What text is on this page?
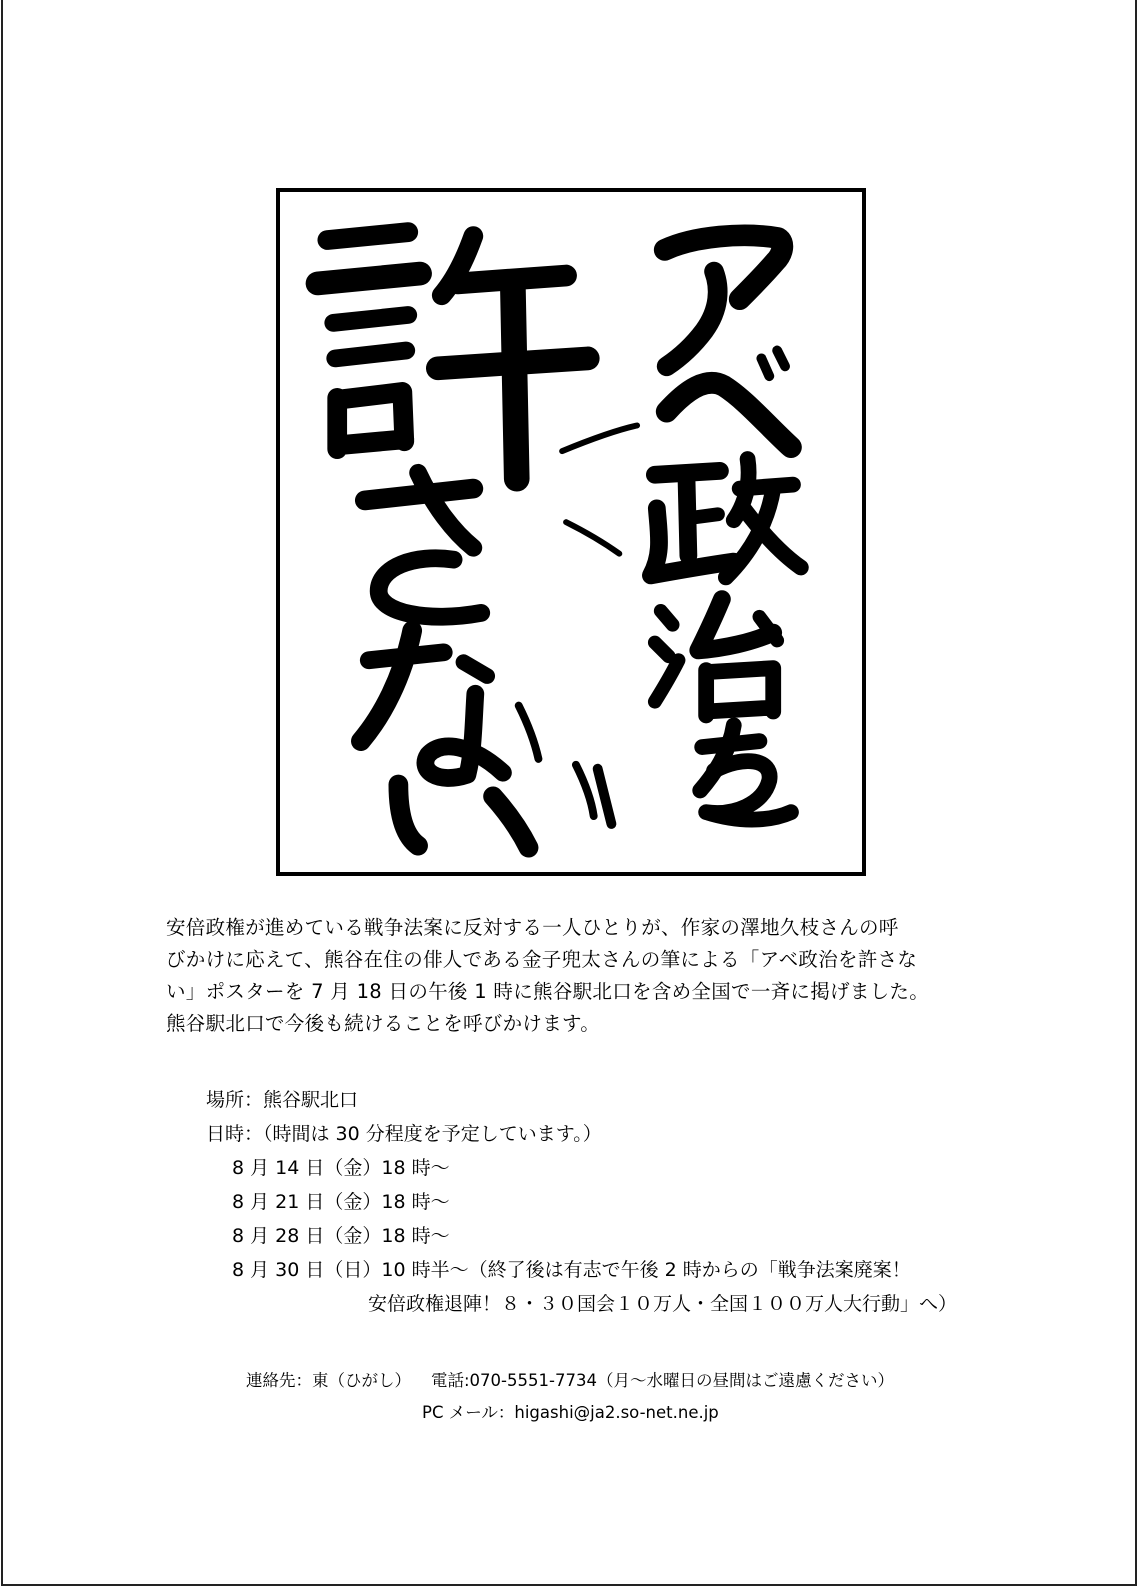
安倍政権が進めている戦争法案に反対する一人ひとりが、作家の澤地久枝さんの呼
びかけに応えて、熊谷在住の俳人である金子兜太さんの筆による「アベ政治を許さな
い」ポスターを 7 月 18 日の午後 1 時に熊谷駅北口を含め全国で一斉に掲げました。
熊谷駅北口で今後も続けることを呼びかけます。
場所：熊谷駅北口
日時：（時間は 30 分程度を予定しています。）
8 月 14 日（金）18 時～
8 月 21 日（金）18 時～
8 月 28 日（金）18 時～
8 月 30 日（日）10 時半～（終了後は有志で午後 2 時からの「戦争法案廃案！
安倍政権退陣！８・３０国会１０万人・全国１００万人大行動」へ）
連絡先：東（ひがし） 電話:070-5551-7734（月～水曜日の昼間はご遠慮ください）
PC メール：higashi@ja2.so-net.ne.jp
